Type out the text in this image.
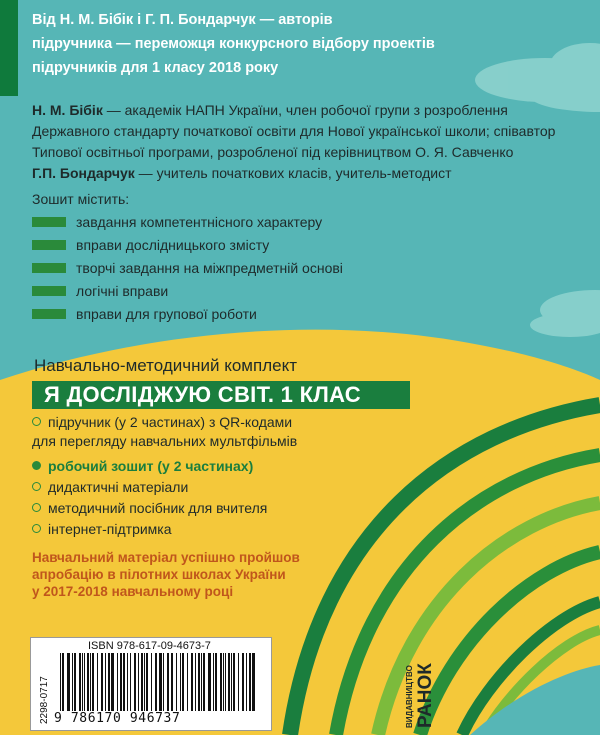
Від Н. М. Бібік і Г. П. Бондарчук — авторів

підручника — переможця конкурсного відбору проектів

підручників для 1 класу 2018 року

Н. М. Бібік — академік НАПН України, член робочої групи з розроблення

Державного стандарту початкової освіти для Нової української школи; співавтор

Типової освітньої програми, розробленої під керівництвом О. Я. Савченко

Г.П. Бондарчук — учитель початкових класів, учитель-методист

Зошит містить:

завдання компетентнісного характеру
вправи дослідницького змісту
творчі завдання на міжпредметній основі
логічні вправи
вправи для групової роботи

Навчально-методичний комплект

Я ДОСЛІДЖУЮ СВІТ. 1 КЛАС
підручник (у 2 частинах) з QR-кодами

для перегляду навчальних мультфільмів

робочий зошит (у 2 частинах)
дидактичні матеріали
методичний посібник для вчителя
інтернет-підтримка

Навчальний матеріал успішно пройшов

апробацію в пілотних школах України

у 2017-2018 навчальному році

ISBN 978-617-09-4673-7
2298-0717 9 786170 946737	ВИДАВНИЦТВО РАНОК
